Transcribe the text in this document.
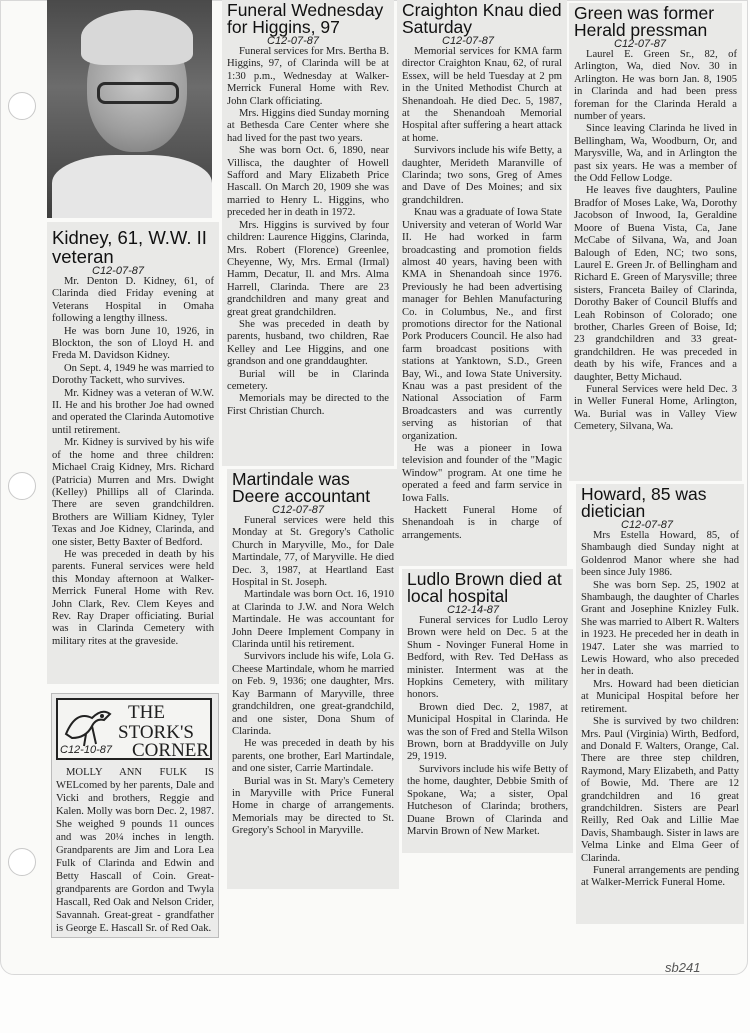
Kidney, 61, W.W. II veteran
C12-07-87

Mr. Denton D. Kidney, 61, of Clarinda died Friday evening at Veterans Hospital in Omaha following a lengthy illness.

He was born June 10, 1926, in Blockton, the son of Lloyd H. and Freda M. Davidson Kidney.

On Sept. 4, 1949 he was married to Dorothy Tackett, who survives.

Mr. Kidney was a veteran of W.W. II. He and his brother Joe had owned and operated the Clarinda Automotive until retirement.

Mr. Kidney is survived by his wife of the home and three children: Michael Craig Kidney, Mrs. Richard (Patricia) Murren and Mrs. Dwight (Kelley) Phillips all of Clarinda. There are seven grandchildren. Brothers are William Kidney, Tyler Texas and Joe Kidney, Clarinda, and one sister, Betty Baxter of Bedford.

He was preceded in death by his parents. Funeral services were held this Monday afternoon at Walker-Merrick Funeral Home with Rev. John Clark, Rev. Clem Keyes and Rev. Ray Draper officiating. Burial was in Clarinda Cemetery with military rites at the graveside.

THE
STORK'S
CORNER
C12-10-87

MOLLY ANN FULK IS WELcomed by her parents, Dale and Vicki and brothers, Reggie and Kalen. Molly was born Dec. 2, 1987. She weighed 9 pounds 11 ounces and was 20¼ inches in length. Grandparents are Jim and Lora Lea Fulk of Clarinda and Edwin and Betty Hascall of Coin. Great-grandparents are Gordon and Twyla Hascall, Red Oak and Nelson Crider, Savannah. Great-great - grandfather is George E. Hascall Sr. of Red Oak.

Funeral Wednesday for Higgins, 97
C12-07-87

Funeral services for Mrs. Bertha B. Higgins, 97, of Clarinda will be at 1:30 p.m., Wednesday at Walker-Merrick Funeral Home with Rev. John Clark officiating.

Mrs. Higgins died Sunday morning at Bethesda Care Center where she had lived for the past two years.

She was born Oct. 6, 1890, near Villisca, the daughter of Howell Safford and Mary Elizabeth Price Hascall. On March 20, 1909 she was married to Henry L. Higgins, who preceded her in death in 1972.

Mrs. Higgins is survived by four children: Laurence Higgins, Clarinda, Mrs. Robert (Florence) Greenlee, Cheyenne, Wy, Mrs. Ermal (Irmal) Hamm, Decatur, Il. and Mrs. Alma Harrell, Clarinda. There are 23 grandchildren and many great and great great grandchildren.

She was preceded in death by parents, husband, two children, Rae Kelley and Lee Higgins, and one grandson and one granddaughter.

Burial will be in Clarinda cemetery.

Memorials may be directed to the First Christian Church.

Martindale was Deere accountant
C12-07-87

Funeral services were held this Monday at St. Gregory's Catholic Church in Maryville, Mo., for Dale Martindale, 77, of Maryville. He died Dec. 3, 1987, at Heartland East Hospital in St. Joseph.

Martindale was born Oct. 16, 1910 at Clarinda to J.W. and Nora Welch Martindale. He was accountant for John Deere Implement Company in Clarinda until his retirement.

Survivors include his wife, Lola G. Cheese Martindale, whom he married on Feb. 9, 1936; one daughter, Mrs. Kay Barmann of Maryville, three grandchildren, one great-grandchild, and one sister, Dona Shum of Clarinda.

He was preceded in death by his parents, one brother, Earl Martindale, and one sister, Carrie Martindale.

Burial was in St. Mary's Cemetery in Maryville with Price Funeral Home in charge of arrangements. Memorials may be directed to St. Gregory's School in Maryville.

Craighton Knau died Saturday
C12-07-87

Memorial services for KMA farm director Craighton Knau, 62, of rural Essex, will be held Tuesday at 2 pm in the United Methodist Church at Shenandoah. He died Dec. 5, 1987, at the Shenandoah Memorial Hospital after suffering a heart attack at home.

Survivors include his wife Betty, a daughter, Merideth Maranville of Clarinda; two sons, Greg of Ames and Dave of Des Moines; and six grandchildren.

Knau was a graduate of Iowa State University and veteran of World War II. He had worked in farm broadcasting and promotion fields almost 40 years, having been with KMA in Shenandoah since 1976. Previously he had been advertising manager for Behlen Manufacturing Co. in Columbus, Ne., and first promotions director for the National Pork Producers Council. He also had farm broadcast positions with stations at Yanktown, S.D., Green Bay, Wi., and Iowa State University. Knau was a past president of the National Association of Farm Broadcasters and was currently serving as historian of that organization.

He was a pioneer in Iowa television and founder of the "Magic Window" program. At one time he operated a feed and farm service in Iowa Falls.

Hackett Funeral Home of Shenandoah is in charge of arrangements.

Ludlo Brown died at local hospital
C12-14-87

Funeral services for Ludlo Leroy Brown were held on Dec. 5 at the Shum - Novinger Funeral Home in Bedford, with Rev. Ted DeHass as minister. Interment was at the Hopkins Cemetery, with military honors.

Brown died Dec. 2, 1987, at Municipal Hospital in Clarinda. He was the son of Fred and Stella Wilson Brown, born at Braddyville on July 29, 1919.

Survivors include his wife Betty of the home, daughter, Debbie Smith of Spokane, Wa; a sister, Opal Hutcheson of Clarinda; brothers, Duane Brown of Clarinda and Marvin Brown of New Market.

Green was former Herald pressman
C12-07-87

Laurel E. Green Sr., 82, of Arlington, Wa, died Nov. 30 in Arlington. He was born Jan. 8, 1905 in Clarinda and had been press foreman for the Clarinda Herald a number of years.

Since leaving Clarinda he lived in Bellingham, Wa, Woodburn, Or, and Marysville, Wa, and in Arlington the past six years. He was a member of the Odd Fellow Lodge.

He leaves five daughters, Pauline Bradfor of Moses Lake, Wa, Dorothy Jacobson of Inwood, Ia, Geraldine Moore of Buena Vista, Ca, Jane McCabe of Silvana, Wa, and Joan Balough of Eden, NC; two sons, Laurel E. Green Jr. of Bellingham and Richard E. Green of Marysville; three sisters, Franceta Bailey of Clarinda, Dorothy Baker of Council Bluffs and Leah Robinson of Colorado; one brother, Charles Green of Boise, Id; 23 grandchildren and 33 great-grandchildren. He was preceded in death by his wife, Frances and a daughter, Betty Michaud.

Funeral Services were held Dec. 3 in Weller Funeral Home, Arlington, Wa. Burial was in Valley View Cemetery, Silvana, Wa.

Howard, 85 was dietician
C12-07-87

Mrs Estella Howard, 85, of Shambaugh died Sunday night at Goldenrod Manor where she had been since July 1986.

She was born Sep. 25, 1902 at Shambaugh, the daughter of Charles Grant and Josephine Knizley Fulk. She was married to Albert R. Walters in 1923. He preceded her in death in 1947. Later she was married to Lewis Howard, who also preceded her in death.

Mrs. Howard had been dietician at Municipal Hospital before her retirement.

She is survived by two children: Mrs. Paul (Virginia) Wirth, Bedford, and Donald F. Walters, Orange, Cal. There are three step children, Raymond, Mary Elizabeth, and Patty of Bowie, Md. There are 12 grandchildren and 16 great grandchildren. Sisters are Pearl Reilly, Red Oak and Lillie Mae Davis, Shambaugh. Sister in laws are Velma Linke and Elma Geer of Clarinda.

Funeral arrangements are pending at Walker-Merrick Funeral Home.

sb241
